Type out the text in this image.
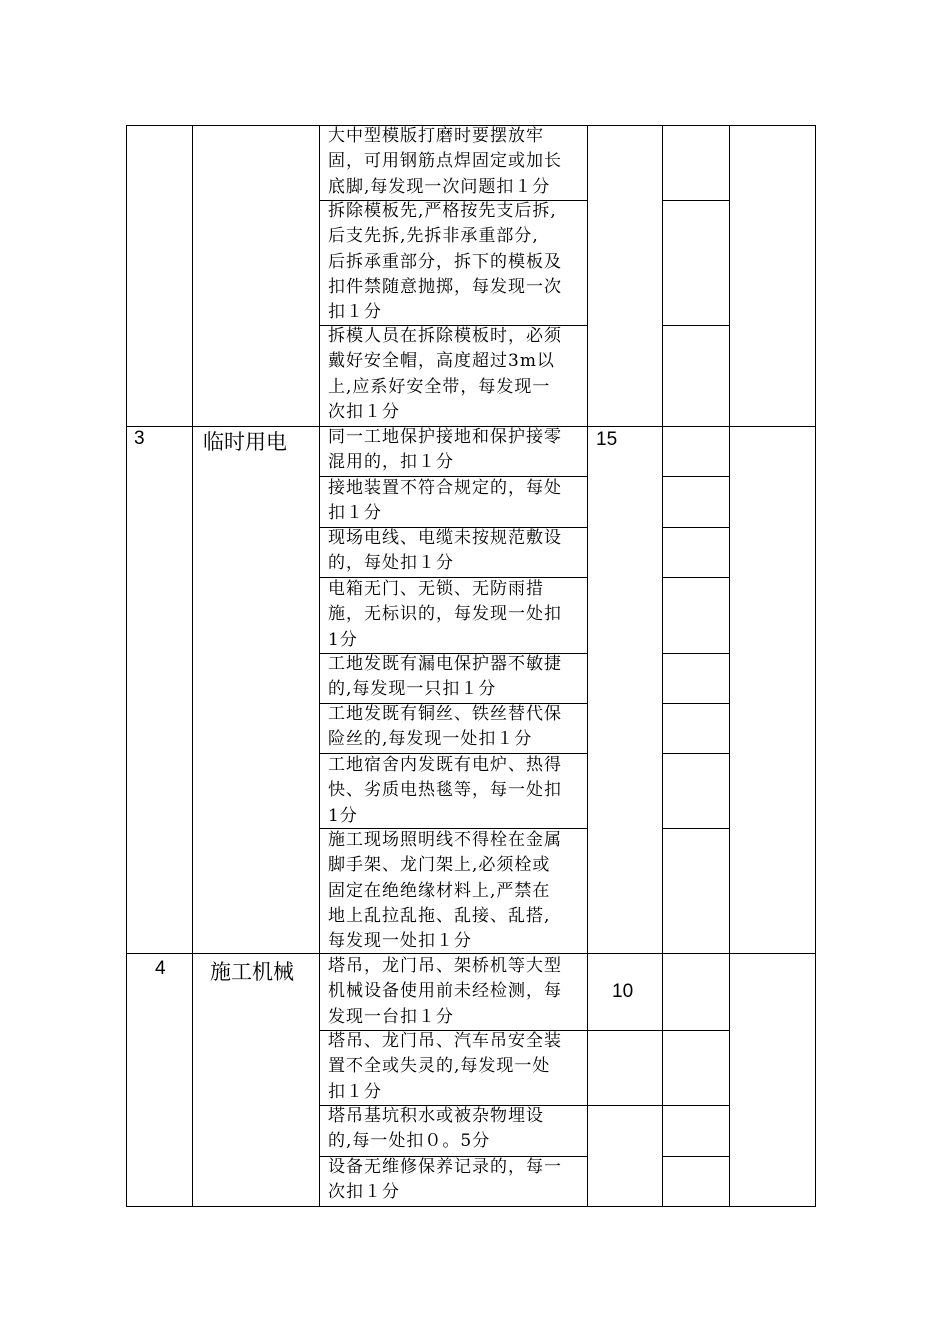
3	临时用电	15
4 施工机械
10
大中型模版打磨时要摆放牢
固，可用钢筋点焊固定或加长
底脚,每发现一次问题扣１分
拆除模板先,严格按先支后拆,
后支先拆,先拆非承重部分,
后拆承重部分，拆下的模板及
扣件禁随意抛掷，每发现一次
扣１分
拆模人员在拆除模板时，必须
戴好安全帽，高度超过3m以
上,应系好安全带，每发现一
次扣１分
同一工地保护接地和保护接零
混用的，扣１分
接地装置不符合规定的，每处
扣１分
现场电线、电缆未按规范敷设
的，每处扣１分
电箱无门、无锁、无防雨措
施，无标识的，每发现一处扣
1分
工地发既有漏电保护器不敏捷
的,每发现一只扣１分
工地发既有铜丝、铁丝替代保
险丝的,每发现一处扣１分
工地宿舍内发既有电炉、热得
快、劣质电热毯等，每一处扣
1分
施工现场照明线不得栓在金属
脚手架、龙门架上,必须栓或
固定在绝绝缘材料上,严禁在
地上乱拉乱拖、乱接、乱搭,
每发现一处扣１分
塔吊，龙门吊、架桥机等大型
机械设备使用前未经检测，每
发现一台扣１分
塔吊、龙门吊、汽车吊安全装
置不全或失灵的,每发现一处
扣１分
塔吊基坑积水或被杂物埋设
的,每一处扣０。5分
设备无维修保养记录的，每一
次扣１分
